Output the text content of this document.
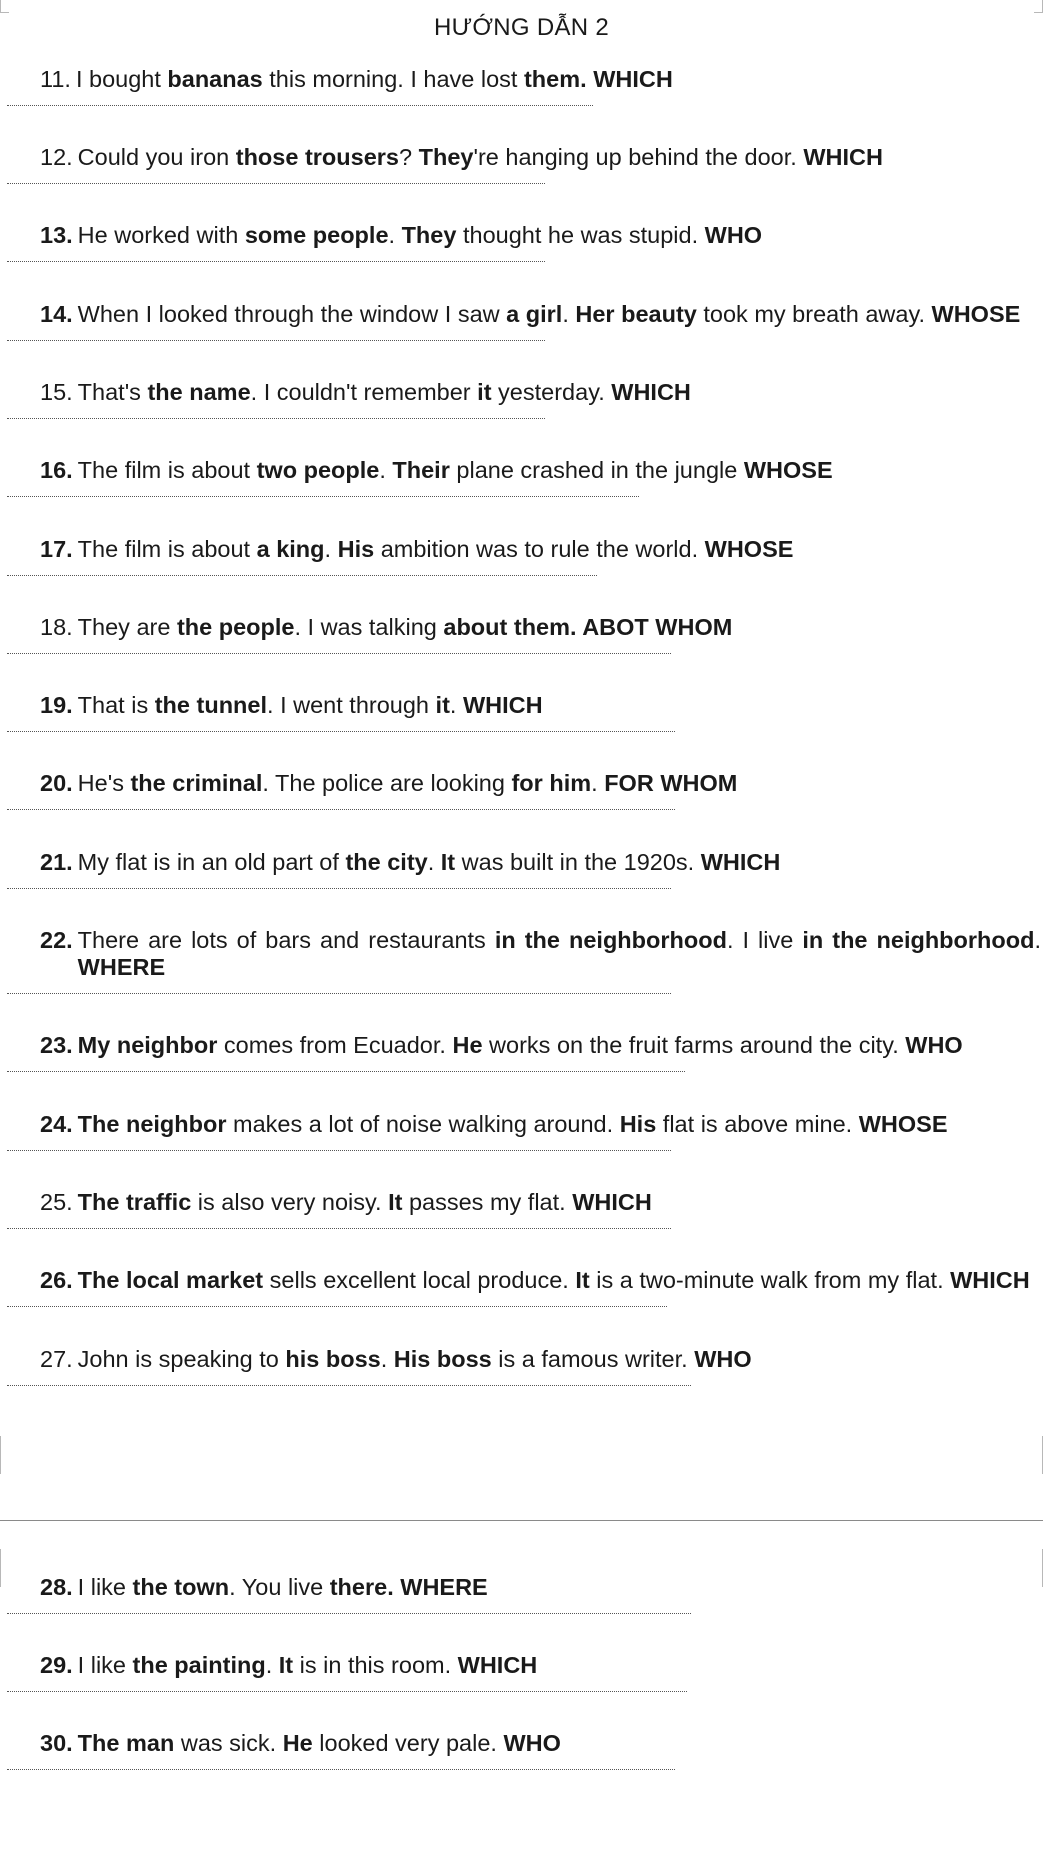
HƯỚNG DẪN 2
11. I bought bananas this morning. I have lost them. WHICH
12. Could you iron those trousers? They're hanging up behind the door. WHICH
13. He worked with some people. They thought he was stupid. WHO
14. When I looked through the window I saw a girl. Her beauty took my breath away. WHOSE
15. That's the name. I couldn't remember it yesterday. WHICH
16. The film is about two people. Their plane crashed in the jungle WHOSE
17. The film is about a king. His ambition was to rule the world. WHOSE
18. They are the people. I was talking about them. ABOT WHOM
19. That is the tunnel. I went through it. WHICH
20. He's the criminal. The police are looking for him. FOR WHOM
21. My flat is in an old part of the city. It was built in the 1920s. WHICH
22. There are lots of bars and restaurants in the neighborhood. I live in the neighborhood. WHERE
23. My neighbor comes from Ecuador. He works on the fruit farms around the city. WHO
24. The neighbor makes a lot of noise walking around. His flat is above mine. WHOSE
25. The traffic is also very noisy. It passes my flat. WHICH
26. The local market sells excellent local produce. It is a two-minute walk from my flat. WHICH
27. John is speaking to his boss. His boss is a famous writer. WHO
28. I like the town. You live there. WHERE
29. I like the painting. It is in this room. WHICH
30. The man was sick. He looked very pale. WHO
